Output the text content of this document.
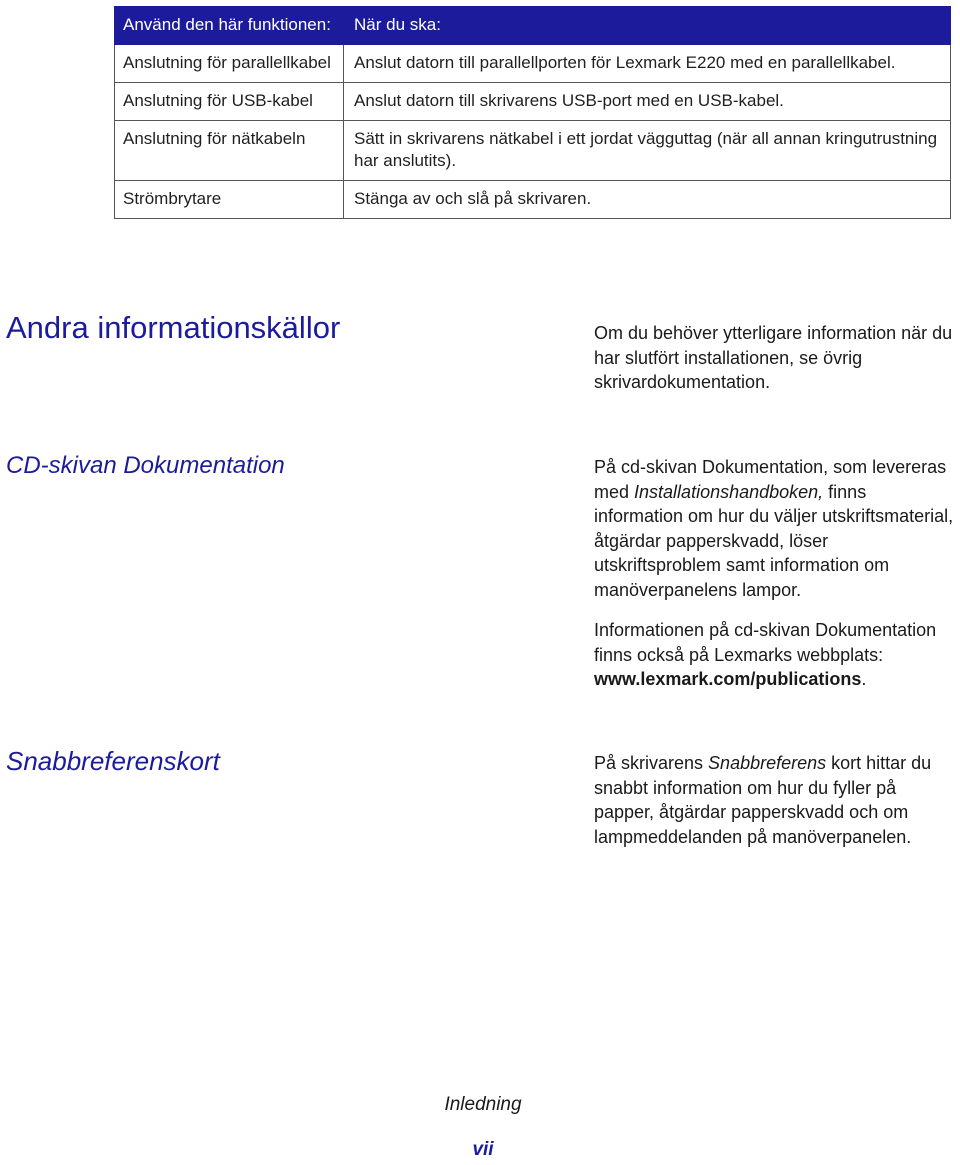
Använd den här funktionen:	När du ska:
Anslutning för parallellkabel	Anslut datorn till parallellporten för Lexmark E220 med en parallellkabel.
Anslutning för USB-kabel	Anslut datorn till skrivarens USB-port med en USB-kabel.
Anslutning för nätkabeln	Sätt in skrivarens nätkabel i ett jordat vägguttag (när all annan kringutrustning har anslutits).
Strömbrytare	Stänga av och slå på skrivaren.
Andra informationskällor	Om du behöver ytterligare information när du har slutfört installationen, se övrig skrivardokumentation.

CD-skivan Dokumentation	På cd-skivan Dokumentation, som levereras med Installationshandboken, finns information om hur du väljer utskriftsmaterial, åtgärdar papperskvadd, löser utskriftsproblem samt information om manöverpanelens lampor.

Informationen på cd-skivan Dokumentation finns också på Lexmarks webbplats: www.lexmark.com/publications.

Snabbreferenskort	På skrivarens Snabbreferens kort hittar du snabbt information om hur du fyller på papper, åtgärdar papperskvadd och om lampmeddelanden på manöverpanelen.

Inledning
vii
